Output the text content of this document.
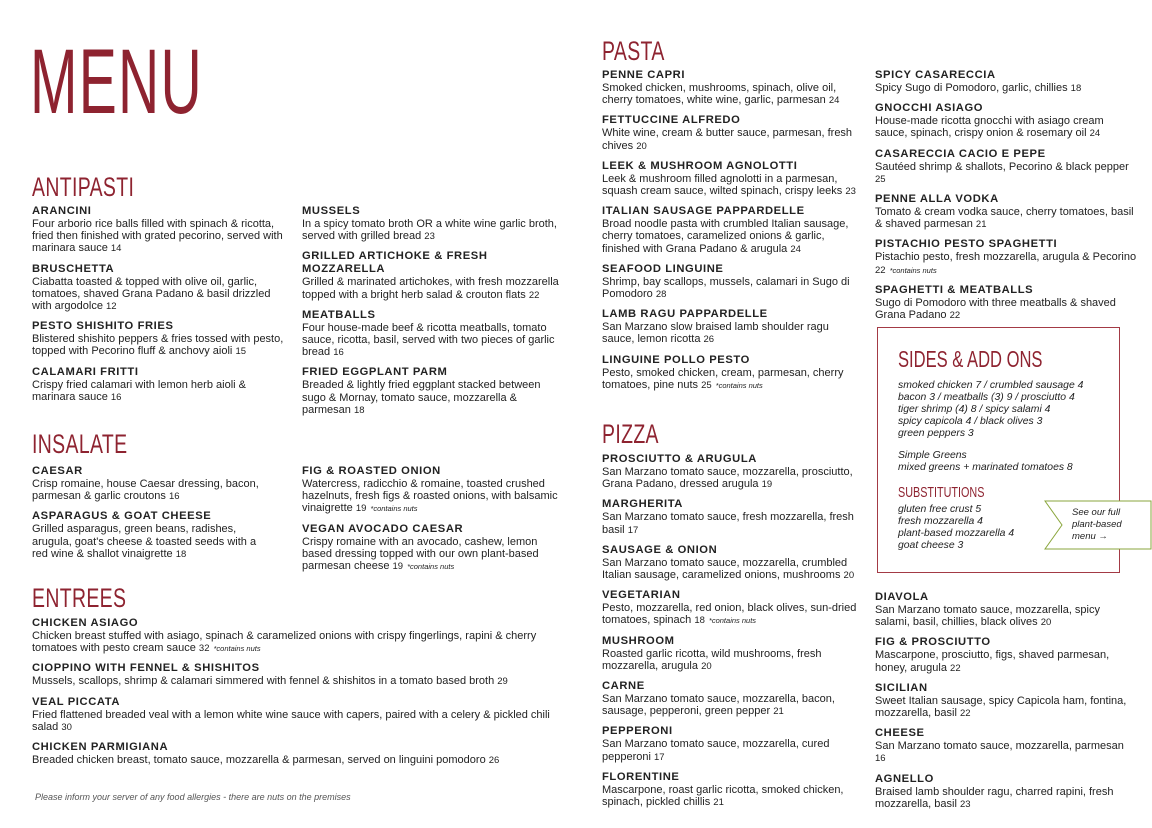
MENU
ANTIPASTI
ARANCINI
Four arborio rice balls filled with spinach & ricotta, fried then finished with grated pecorino, served with marinara sauce 14
BRUSCHETTA
Ciabatta toasted & topped with olive oil, garlic, tomatoes, shaved Grana Padano & basil drizzled with argodolce 12
PESTO SHISHITO FRIES
Blistered shishito peppers & fries tossed with pesto, topped with Pecorino fluff & anchovy aioli 15
CALAMARI FRITTI
Crispy fried calamari with lemon herb aioli & marinara sauce 16
MUSSELS
In a spicy tomato broth OR a white wine garlic broth, served with grilled bread 23
GRILLED ARTICHOKE & FRESH MOZZARELLA
Grilled & marinated artichokes, with fresh mozzarella topped with a bright herb salad & crouton flats 22
MEATBALLS
Four house-made beef & ricotta meatballs, tomato sauce, ricotta, basil, served with two pieces of garlic bread 16
FRIED EGGPLANT PARM
Breaded & lightly fried eggplant stacked between sugo & Mornay, tomato sauce, mozzarella & parmesan 18
INSALATE
CAESAR
Crisp romaine, house Caesar dressing, bacon, parmesan & garlic croutons 16
ASPARAGUS & GOAT CHEESE
Grilled asparagus, green beans, radishes, arugula, goat's cheese & toasted seeds with a red wine & shallot vinaigrette 18
FIG & ROASTED ONION
Watercress, radicchio & romaine, toasted crushed hazelnuts, fresh figs & roasted onions, with balsamic vinaigrette 19 *contains nuts
VEGAN AVOCADO CAESAR
Crispy romaine with an avocado, cashew, lemon based dressing topped with our own plant-based parmesan cheese 19 *contains nuts
ENTREES
CHICKEN ASIAGO
Chicken breast stuffed with asiago, spinach & caramelized onions with crispy fingerlings, rapini & cherry tomatoes with pesto cream sauce 32 *contains nuts
CIOPPINO WITH FENNEL & SHISHITOS
Mussels, scallops, shrimp & calamari simmered with fennel & shishitos in a tomato based broth 29
VEAL PICCATA
Fried flattened breaded veal with a lemon white wine sauce with capers, paired with a celery & pickled chili salad 30
CHICKEN PARMIGIANA
Breaded chicken breast, tomato sauce, mozzarella & parmesan, served on linguini pomodoro 26
Please inform your server of any food allergies - there are nuts on the premises
PASTA
PENNE CAPRI
Smoked chicken, mushrooms, spinach, olive oil, cherry tomatoes, white wine, garlic, parmesan 24
FETTUCCINE ALFREDO
White wine, cream & butter sauce, parmesan, fresh chives 20
LEEK & MUSHROOM AGNOLOTTI
Leek & mushroom filled agnolotti in a parmesan, squash cream sauce, wilted spinach, crispy leeks 23
ITALIAN SAUSAGE PAPPARDELLE
Broad noodle pasta with crumbled Italian sausage, cherry tomatoes, caramelized onions & garlic, finished with Grana Padano & arugula 24
SEAFOOD LINGUINE
Shrimp, bay scallops, mussels, calamari in Sugo di Pomodoro 28
LAMB RAGU PAPPARDELLE
San Marzano slow braised lamb shoulder ragu sauce, lemon ricotta 26
LINGUINE POLLO PESTO
Pesto, smoked chicken, cream, parmesan, cherry tomatoes, pine nuts 25 *contains nuts
SPICY CASARECCIA
Spicy Sugo di Pomodoro, garlic, chillies 18
GNOCCHI ASIAGO
House-made ricotta gnocchi with asiago cream sauce, spinach, crispy onion & rosemary oil 24
CASARECCIA CACIO E PEPE
Sautéed shrimp & shallots, Pecorino & black pepper 25
PENNE ALLA VODKA
Tomato & cream vodka sauce, cherry tomatoes, basil & shaved parmesan 21
PISTACHIO PESTO SPAGHETTI
Pistachio pesto, fresh mozzarella, arugula & Pecorino 22 *contains nuts
SPAGHETTI & MEATBALLS
Sugo di Pomodoro with three meatballs & shaved Grana Padano 22
SIDES & ADD ONS
smoked chicken 7 / crumbled sausage 4
bacon 3 / meatballs (3) 9 / prosciutto 4
tiger shrimp (4) 8 / spicy salami 4
spicy capicola 4 / black olives 3
green peppers 3
Simple Greens
mixed greens + marinated tomatoes 8
SUBSTITUTIONS
gluten free crust 5
fresh mozzarella 4
plant-based mozzarella 4
goat cheese 3
See our full
plant-based
menu →
PIZZA
PROSCIUTTO & ARUGULA
San Marzano tomato sauce, mozzarella, prosciutto, Grana Padano, dressed arugula 19
MARGHERITA
San Marzano tomato sauce, fresh mozzarella, fresh basil 17
SAUSAGE & ONION
San Marzano tomato sauce, mozzarella, crumbled Italian sausage, caramelized onions, mushrooms 20
VEGETARIAN
Pesto, mozzarella, red onion, black olives, sun-dried tomatoes, spinach 18 *contains nuts
MUSHROOM
Roasted garlic ricotta, wild mushrooms, fresh mozzarella, arugula 20
CARNE
San Marzano tomato sauce, mozzarella, bacon, sausage, pepperoni, green pepper 21
PEPPERONI
San Marzano tomato sauce, mozzarella, cured pepperoni 17
FLORENTINE
Mascarpone, roast garlic ricotta, smoked chicken, spinach, pickled chillis 21
DIAVOLA
San Marzano tomato sauce, mozzarella, spicy salami, basil, chillies, black olives 20
FIG & PROSCIUTTO
Mascarpone, prosciutto, figs, shaved parmesan, honey, arugula 22
SICILIAN
Sweet Italian sausage, spicy Capicola ham, fontina, mozzarella, basil 22
CHEESE
San Marzano tomato sauce, mozzarella, parmesan 16
AGNELLO
Braised lamb shoulder ragu, charred rapini, fresh mozzarella, basil 23
